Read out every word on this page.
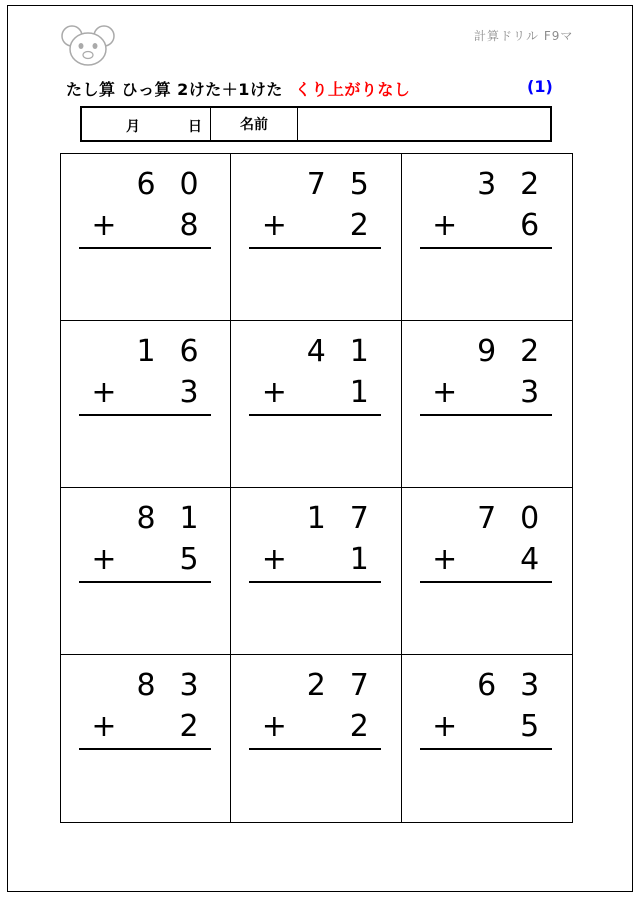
計算ドリル F9マ
たし算 ひっ算 2けた＋1けた くり上がりなし	(1)
月	日	名前
6 0
+ 8
7 5
+ 2
3 2
+ 6
1 6
+ 3
4 1
+ 1
9 2
+ 3
8 1
+ 5
1 7
+ 1
7 0
+ 4
8 3
+ 2
2 7
+ 2
6 3
+ 5
